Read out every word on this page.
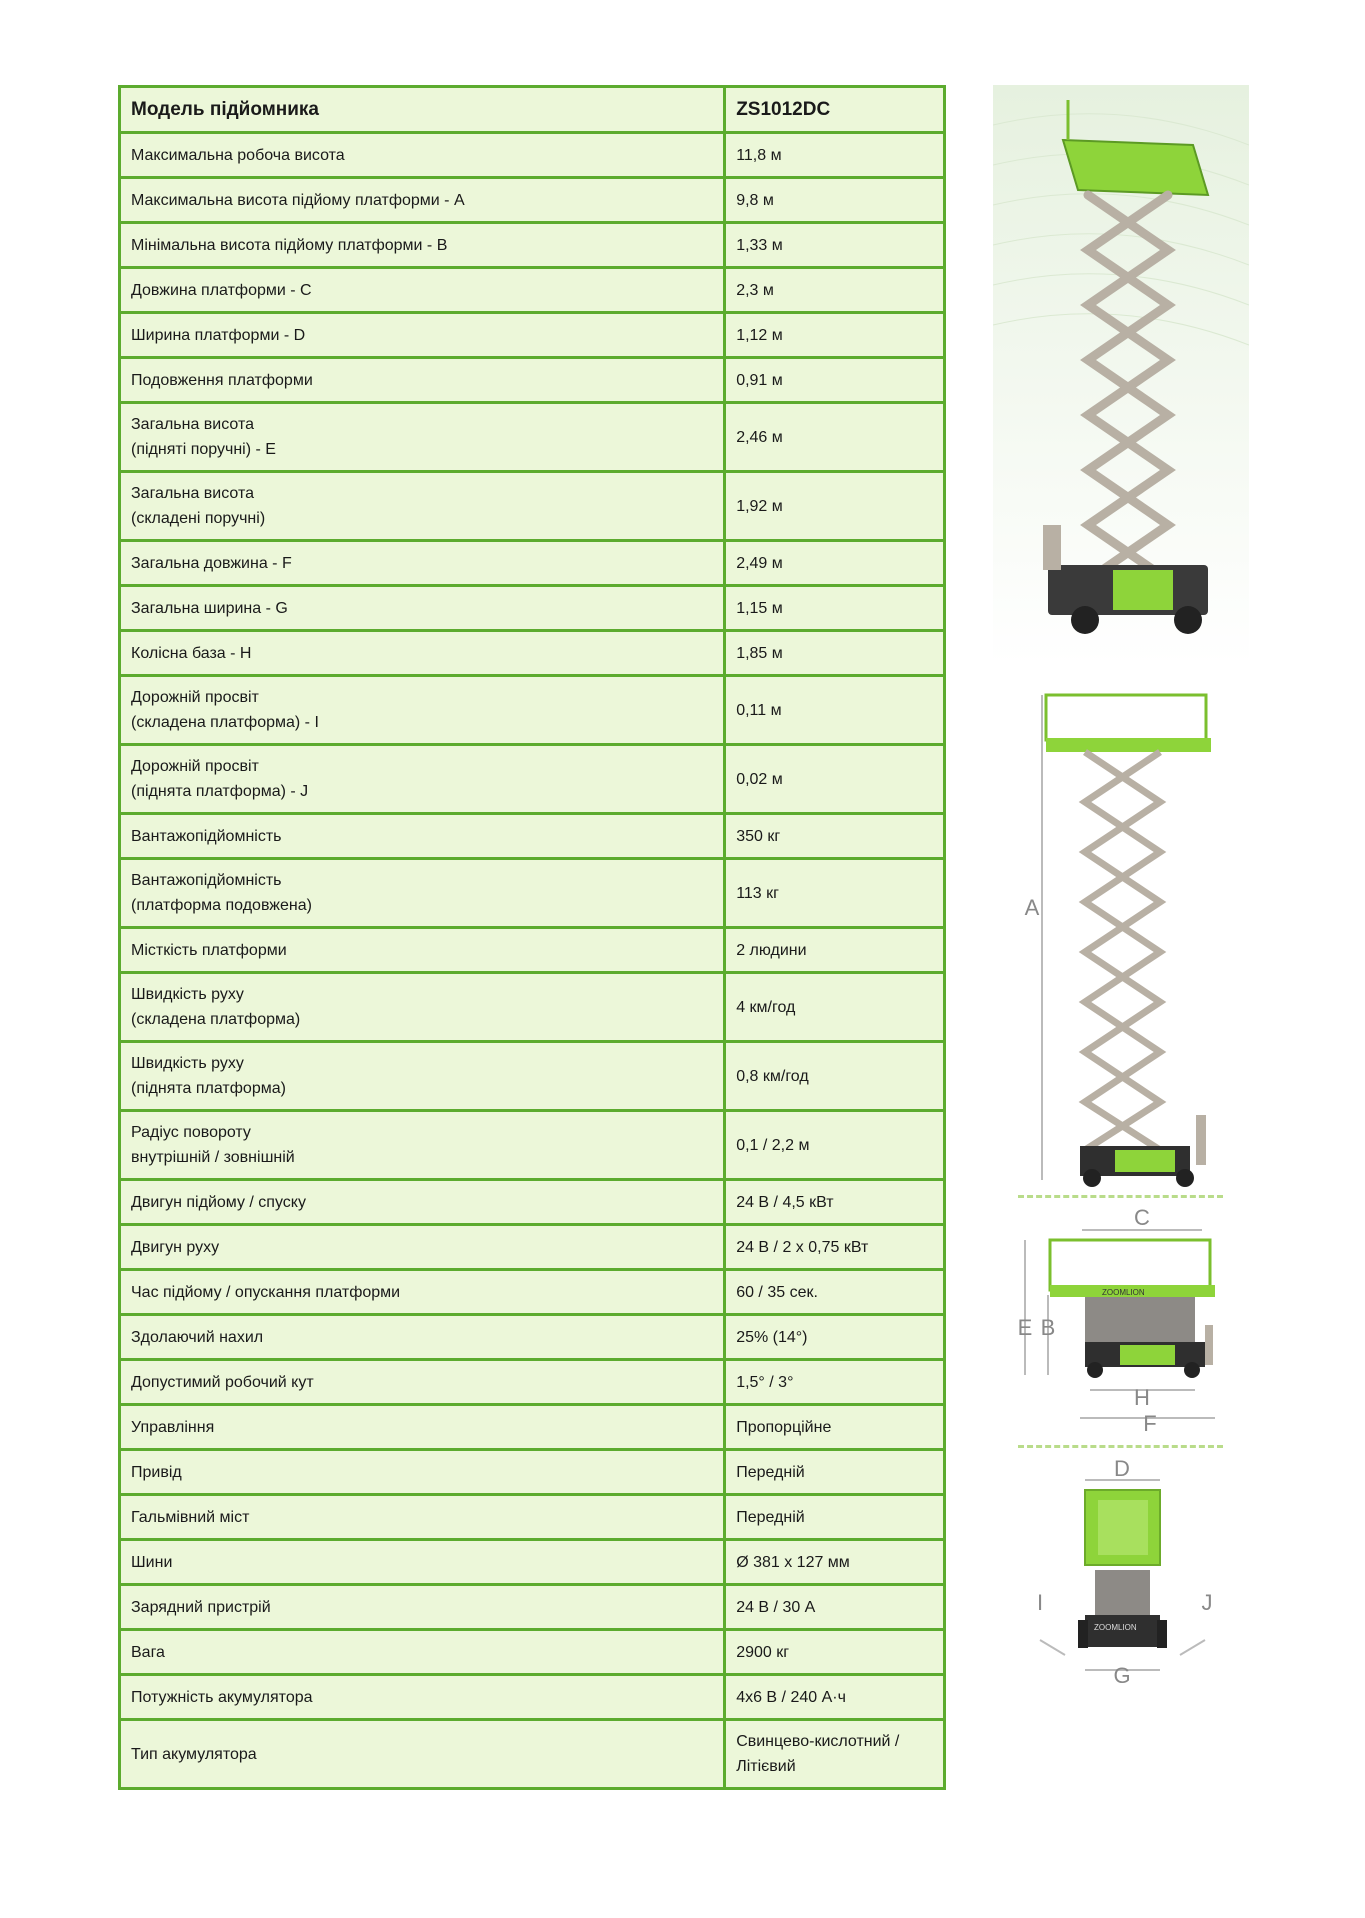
Модель підйомника	ZS1012DC

Максимальна робоча висота	11,8 м

Максимальна висота підйому платформи - A	9,8 м

Мінімальна висота підйому платформи - B	1,33 м

Довжина платформи - C	2,3 м

Ширина платформи - D	1,12 м

Подовження платформи	0,91 м

Загальна висота
(підняті поручні) - E	2,46 м

Загальна висота
(складені поручні)	1,92 м

Загальна довжина - F	2,49 м

Загальна ширина - G	1,15 м

Колісна база - H	1,85 м

Дорожній просвіт
(складена платформа) - I	0,11 м

Дорожній просвіт
(піднята платформа) - J	0,02 м

Вантажопідйомність	350 кг

Вантажопідйомність
(платформа подовжена)	113 кг

Місткість платформи	2 людини

Швидкість руху
(складена платформа)	4 км/год

Швидкість руху
(піднята платформа)	0,8 км/год

Радіус повороту
внутрішній / зовнішній	0,1 / 2,2 м

Двигун підйому / спуску	24 В / 4,5 кВт

Двигун руху	24 В / 2 х 0,75 кВт

Час підйому / опускання платформи	60 / 35 сек.

Здолаючий нахил	25% (14°)

Допустимий робочий кут	1,5° / 3°

Управління	Пропорційне

Привід	Передній

Гальмівний міст	Передній

Шини	Ø 381 х 127 мм

Зарядний пристрій	24 В / 30 А

Вага	2900 кг

Потужність акумулятора	4x6 В / 240 А·ч

Тип акумулятора	Свинцево-кислотний /
Літієвий
A
C
ZOOMLION
E B
H
F
D
ZOOMLION
I	J
G
